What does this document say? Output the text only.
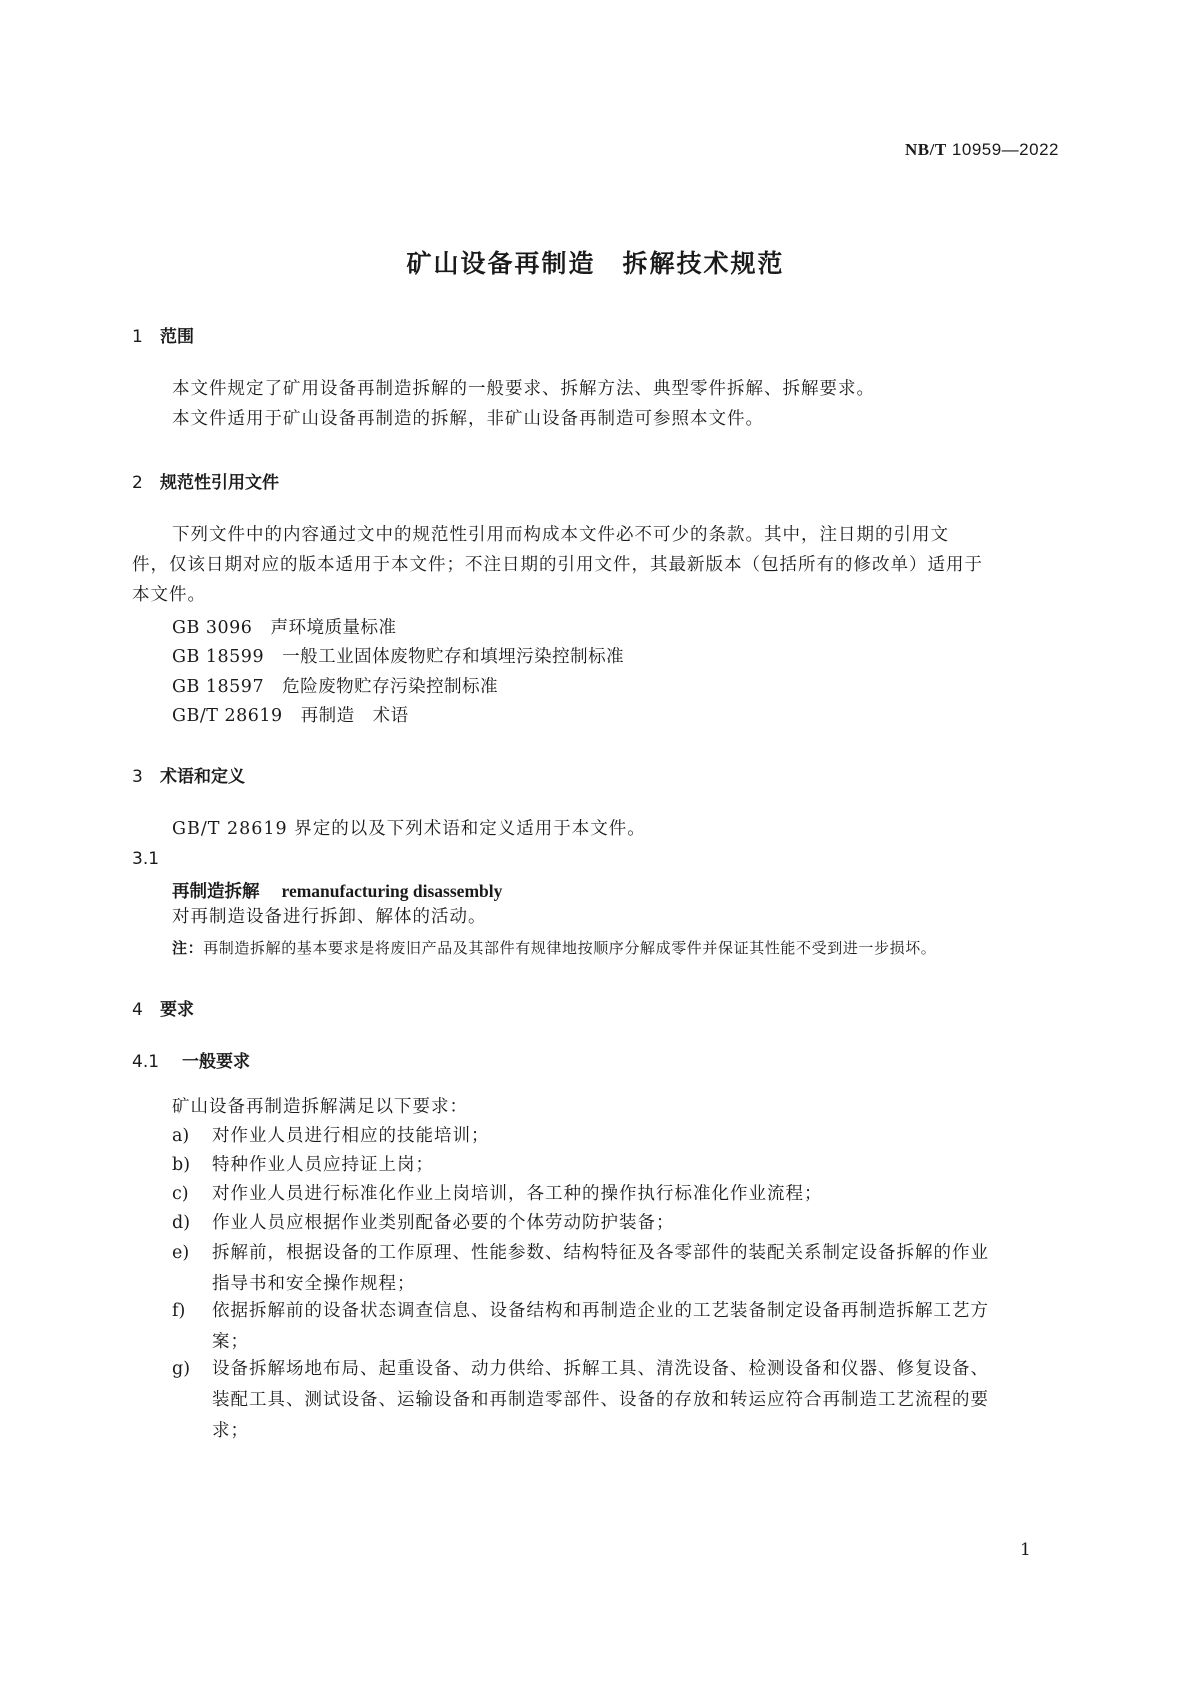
NB/T 10959—2022
矿山设备再制造　拆解技术规范
1 范围
本文件规定了矿用设备再制造拆解的一般要求、拆解方法、典型零件拆解、拆解要求。
本文件适用于矿山设备再制造的拆解，非矿山设备再制造可参照本文件。
2 规范性引用文件
下列文件中的内容通过文中的规范性引用而构成本文件必不可少的条款。其中，注日期的引用文
件，仅该日期对应的版本适用于本文件；不注日期的引用文件，其最新版本（包括所有的修改单）适用于
本文件。
GB 3096 声环境质量标准
GB 18599 一般工业固体废物贮存和填埋污染控制标准
GB 18597 危险废物贮存污染控制标准
GB/T 28619 再制造　术语
3 术语和定义
GB/T 28619 界定的以及下列术语和定义适用于本文件。
3.1
再制造拆解 remanufacturing disassembly
对再制造设备进行拆卸、解体的活动。
注：再制造拆解的基本要求是将废旧产品及其部件有规律地按顺序分解成零件并保证其性能不受到进一步损坏。
4 要求
4.1 一般要求
矿山设备再制造拆解满足以下要求：
a) 对作业人员进行相应的技能培训；
b) 特种作业人员应持证上岗；
c) 对作业人员进行标准化作业上岗培训，各工种的操作执行标准化作业流程；
d) 作业人员应根据作业类别配备必要的个体劳动防护装备；
e) 拆解前，根据设备的工作原理、性能参数、结构特征及各零部件的装配关系制定设备拆解的作业指导书和安全操作规程；
f) 依据拆解前的设备状态调查信息、设备结构和再制造企业的工艺装备制定设备再制造拆解工艺方案；
g) 设备拆解场地布局、起重设备、动力供给、拆解工具、清洗设备、检测设备和仪器、修复设备、装配工具、测试设备、运输设备和再制造零部件、设备的存放和转运应符合再制造工艺流程的要求；
1
